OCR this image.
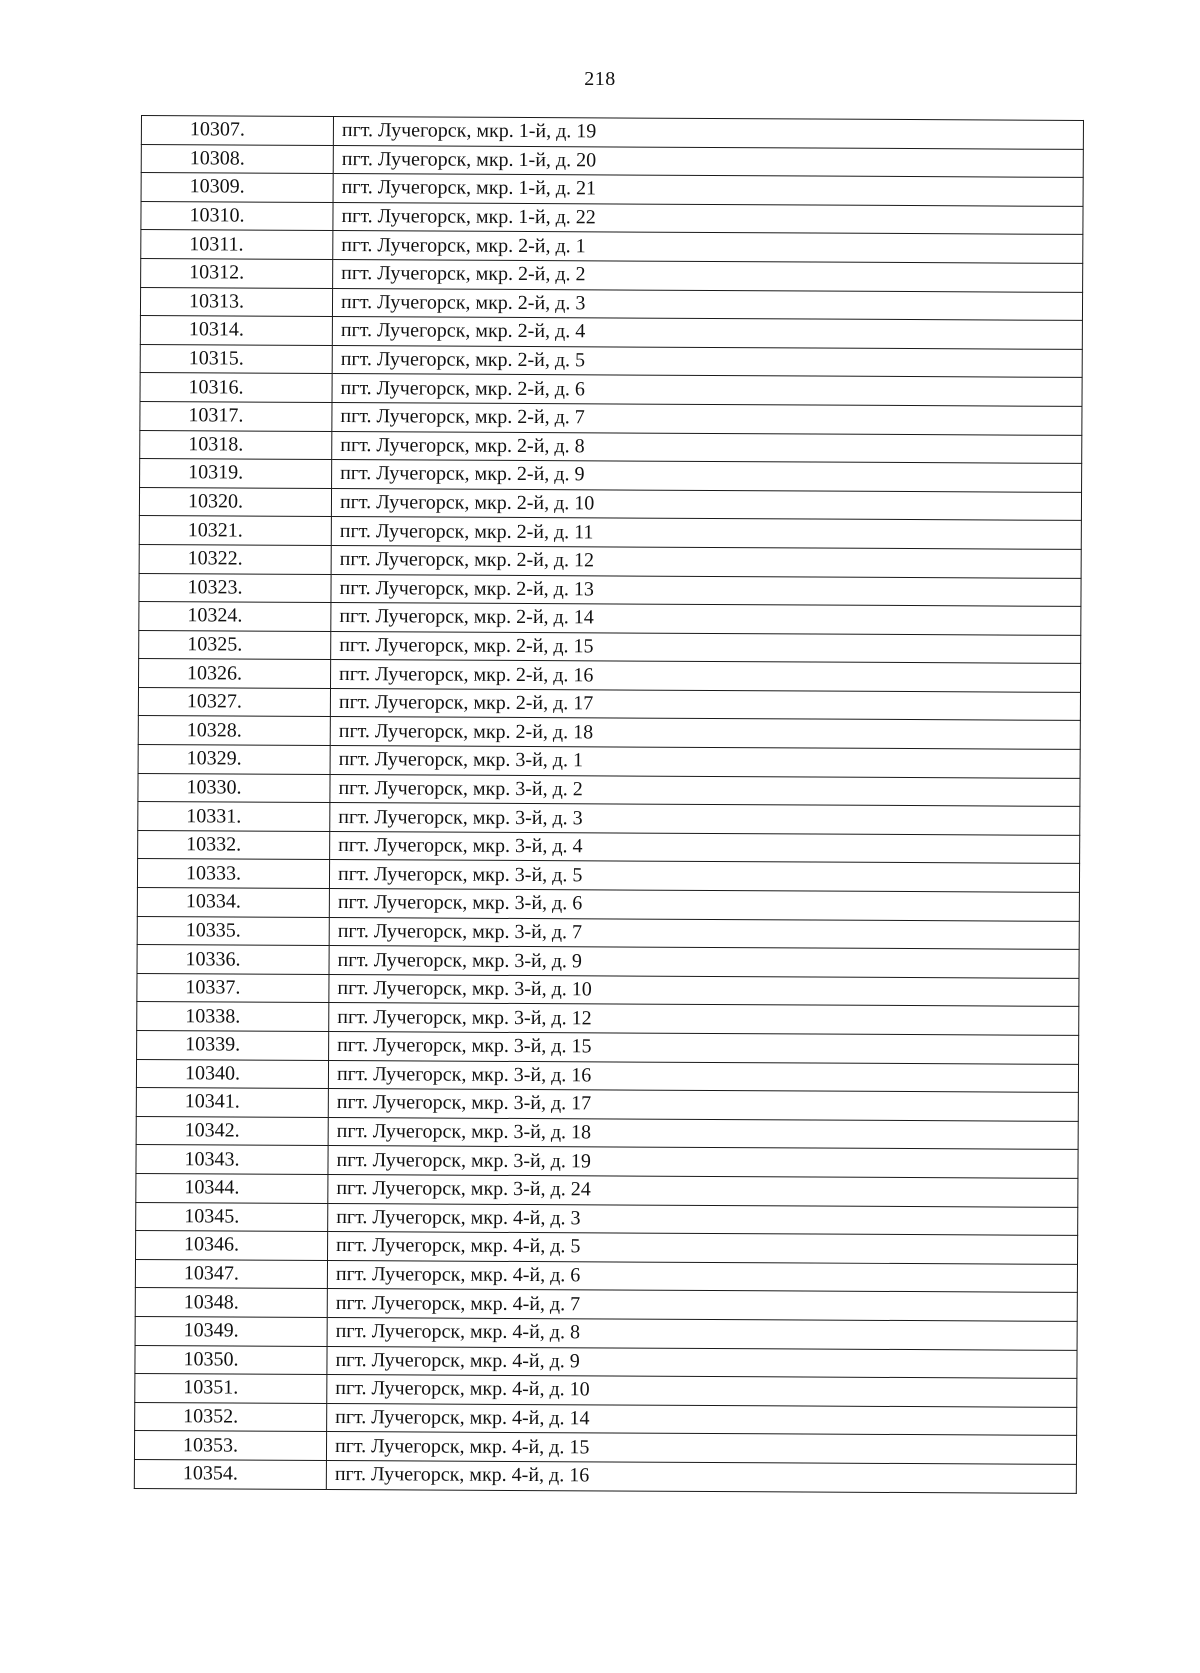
218
10307.	пгт. Лучегорск, мкр. 1-й, д. 19
10308.	пгт. Лучегорск, мкр. 1-й, д. 20
10309.	пгт. Лучегорск, мкр. 1-й, д. 21
10310.	пгт. Лучегорск, мкр. 1-й, д. 22
10311.	пгт. Лучегорск, мкр. 2-й, д. 1
10312.	пгт. Лучегорск, мкр. 2-й, д. 2
10313.	пгт. Лучегорск, мкр. 2-й, д. 3
10314.	пгт. Лучегорск, мкр. 2-й, д. 4
10315.	пгт. Лучегорск, мкр. 2-й, д. 5
10316.	пгт. Лучегорск, мкр. 2-й, д. 6
10317.	пгт. Лучегорск, мкр. 2-й, д. 7
10318.	пгт. Лучегорск, мкр. 2-й, д. 8
10319.	пгт. Лучегорск, мкр. 2-й, д. 9
10320.	пгт. Лучегорск, мкр. 2-й, д. 10
10321.	пгт. Лучегорск, мкр. 2-й, д. 11
10322.	пгт. Лучегорск, мкр. 2-й, д. 12
10323.	пгт. Лучегорск, мкр. 2-й, д. 13
10324.	пгт. Лучегорск, мкр. 2-й, д. 14
10325.	пгт. Лучегорск, мкр. 2-й, д. 15
10326.	пгт. Лучегорск, мкр. 2-й, д. 16
10327.	пгт. Лучегорск, мкр. 2-й, д. 17
10328.	пгт. Лучегорск, мкр. 2-й, д. 18
10329.	пгт. Лучегорск, мкр. 3-й, д. 1
10330.	пгт. Лучегорск, мкр. 3-й, д. 2
10331.	пгт. Лучегорск, мкр. 3-й, д. 3
10332.	пгт. Лучегорск, мкр. 3-й, д. 4
10333.	пгт. Лучегорск, мкр. 3-й, д. 5
10334.	пгт. Лучегорск, мкр. 3-й, д. 6
10335.	пгт. Лучегорск, мкр. 3-й, д. 7
10336.	пгт. Лучегорск, мкр. 3-й, д. 9
10337.	пгт. Лучегорск, мкр. 3-й, д. 10
10338.	пгт. Лучегорск, мкр. 3-й, д. 12
10339.	пгт. Лучегорск, мкр. 3-й, д. 15
10340.	пгт. Лучегорск, мкр. 3-й, д. 16
10341.	пгт. Лучегорск, мкр. 3-й, д. 17
10342.	пгт. Лучегорск, мкр. 3-й, д. 18
10343.	пгт. Лучегорск, мкр. 3-й, д. 19
10344.	пгт. Лучегорск, мкр. 3-й, д. 24
10345.	пгт. Лучегорск, мкр. 4-й, д. 3
10346.	пгт. Лучегорск, мкр. 4-й, д. 5
10347.	пгт. Лучегорск, мкр. 4-й, д. 6
10348.	пгт. Лучегорск, мкр. 4-й, д. 7
10349.	пгт. Лучегорск, мкр. 4-й, д. 8
10350.	пгт. Лучегорск, мкр. 4-й, д. 9
10351.	пгт. Лучегорск, мкр. 4-й, д. 10
10352.	пгт. Лучегорск, мкр. 4-й, д. 14
10353.	пгт. Лучегорск, мкр. 4-й, д. 15
10354.	пгт. Лучегорск, мкр. 4-й, д. 16
